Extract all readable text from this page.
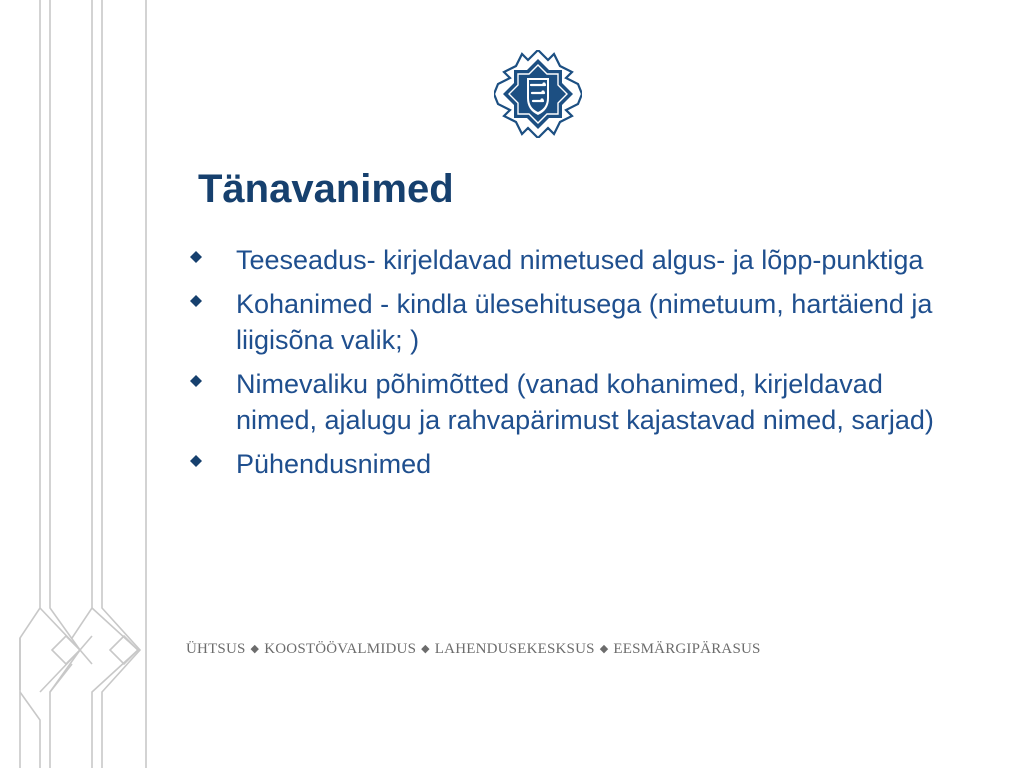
Tänavanimed
Teeseadus- kirjeldavad nimetused algus- ja lõpp-punktiga
Kohanimed - kindla ülesehitusega (nimetuum, hartäiend ja liigisõna valik; )
Nimevaliku põhimõtted (vanad kohanimed, kirjeldavad nimed, ajalugu ja rahvapärimust kajastavad nimed, sarjad)
Pühendusnimed

ÜHTSUS ◆ KOOSTÖÖVALMIDUS ◆ LAHENDUSEKESKSUS ◆ EESMÄRGIPÄRASUS
